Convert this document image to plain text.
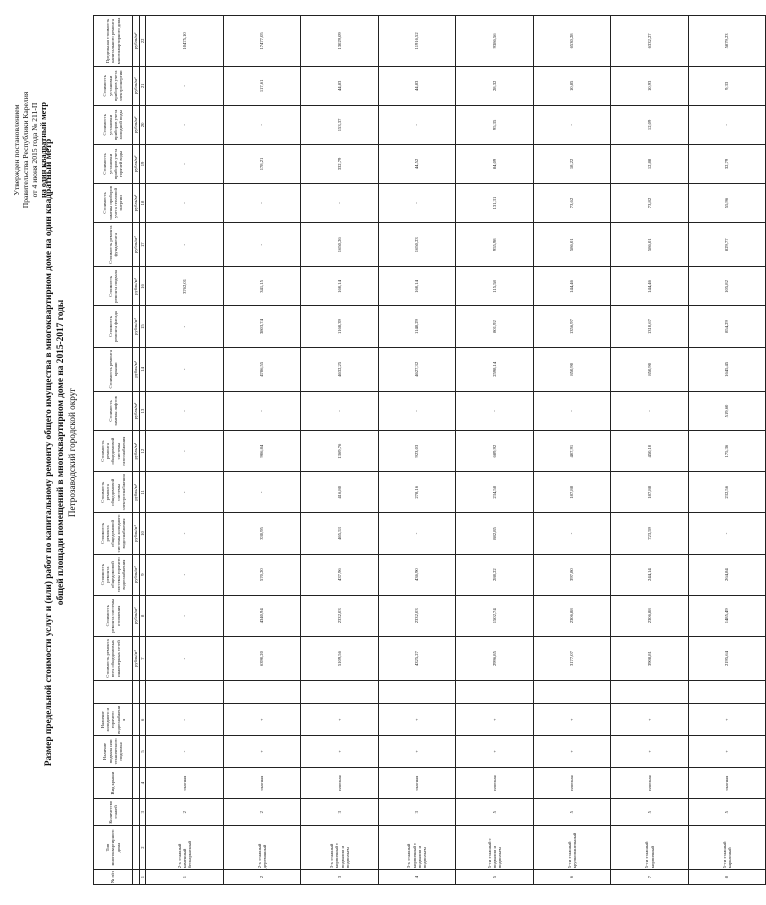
Утвержден постановлением Правительства Республики Карелия от 4 июня 2015 года № 211-П на один квадратный метр
Размер предельной стоимости услуг и (или) работ по капитальному ремонту общего имущества в многоквартирном доме на один квадратный метр общей площади помещений в многоквартирном доме на 2015-2017 годы Петрозаводский городской округ
№ п/п	Тип многоквартирного дома	Количество этажей	Вид крыши	Наличие подвала или технического подполья	Наличие холодного и горячего водоснабжения		Стоимость ремонта всех общедомовых инженерных сетей	Стоимость ремонта системы отопления	Стоимость ремонта общедомовой системы горячего водоснабжения	Стоимость ремонта общедомовой системы холодного водоснабжения	Стоимость ремонта общедомовой системы электроснабжения	Стоимость ремонта общедомовой системы газоснабжения	Стоимость замены лифтов	Стоимость ремонта крыши	Стоимость ремонта фасада	Стоимость ремонта подвала	Стоимость ремонта фундамента	Стоимость замены приборов учета тепловой энергии	Стоимость установки приборов учета горячей воды	Стоимость установки приборов учета холодной воды	Стоимость установки приборов учета электроэнергии	Предельная стоимость капитального ремонта многоквартирного дома
							рубль/м²	рубль/м²	рубль/м²	рубль/м²	рубль/м²	рубль/м²	рубль/м²	рубль/м²	рубль/м²	рубль/м²	рубль/м²	рубль/м²	рубль/м²	рубль/м²	рубль/м²	рубль/м²
1	2	3	4	5	6		7	8	9	10	11	12	13	14	15	16	17	18	19	20	21	22
1	2-х этажный каменный бескаркасный	2	скатная	-	-		-	-	-	-	-	-	-	-	-	3762,01	-	-	-	-	-	10475,10
2	2-х этажный деревянный	2	скатная	+	+		6390,20	4340,94	570,20	330,95	-	906,84	-	4786,55	3803,74	341,15	-	-	178,21	-	117,61	17477,05
3	3-х этажный кирпичный с подвалом и подпольем	3	плоская	+	+		5109,56	2332,03	437,96	465,53	416,80	1369,76	-	4632,25	1168,39	160,14	1650,26	-	332,79	153,37	44,83	13029,09
4	3-х этажный кирпичный с подвалом и подпольем	3	скатная	+	+		4325,27	2332,03	436,90	-	278,16	923,03	-	4627,32	1148,29	160,14	1650,23	-	44,52	-	44,83	11916,52
5	5-ти этажный с подвалом и подпольем	5	плоская	+	+		2996,85	1502,74	288,22	882,85	234,58	689,92	-	2598,14	801,92	115,58	955,98	131,31	84,09	95,35	28,32	9386,56
6	5-ти этажный крупнопанельный	5	плоская	+	+		3177,07	2306,88	397,80	-	187,88	407,91	-	850,90	1356,97	144,46	586,01	73,62	18,22	-	10,85	6530,28
7	5-ти этажный кирпичный	5	плоская	+	+		3908,81	2306,88	244,14	723,59	187,88	450,10	-	850,90	1310,67	144,46	586,01	73,82	12,88	12,09	10,93	6332,27
8	5-ти этажный каркасный	5	скатная	+	+		2195,64	1485,49	264,84	-	232,56	175,36	519,60	1645,45	854,29	105,82	829,77	55,96	32,79	-	9,33	5879,23
